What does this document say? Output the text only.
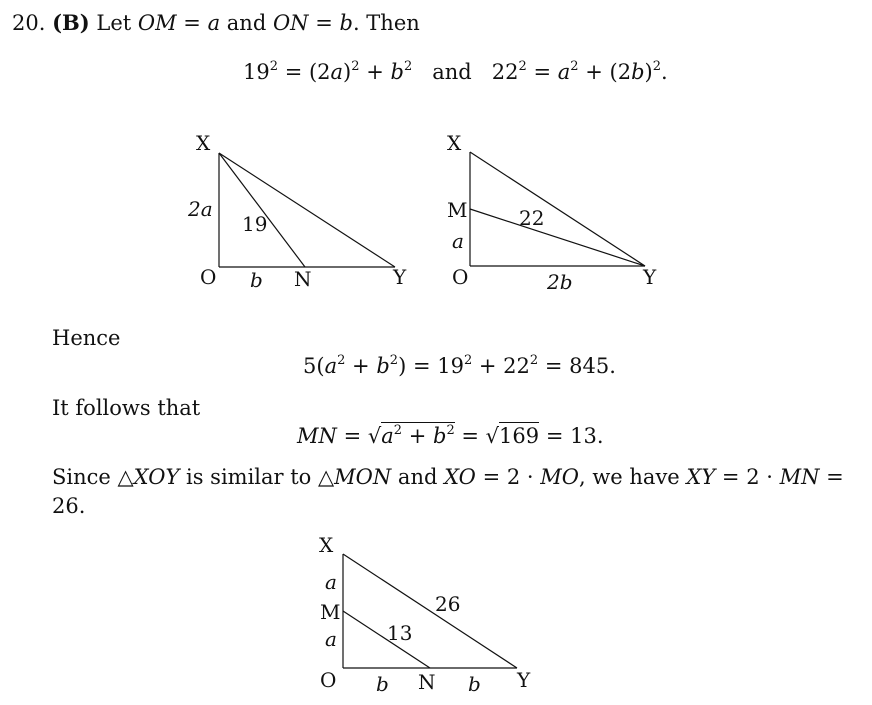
20. (B) Let OM = a and ON = b. Then
$19^2 = (2a)^2 + b^2$ and $22^2 = a^2 + (2b)^2$.
X
2a
19
O b N	Y
X
M	22
a
O	2b	Y
Hence
$5(a^2 + b^2) = 19^2 + 22^2 = 845$.
It follows that
MN = $√a^2 + b^2 = √169 = 13$.
Since △XOY is similar to △MON and XO = 2 · MO, we have XY = 2 · MN =
26.
X
a
M	26
13
a
O b N b Y
